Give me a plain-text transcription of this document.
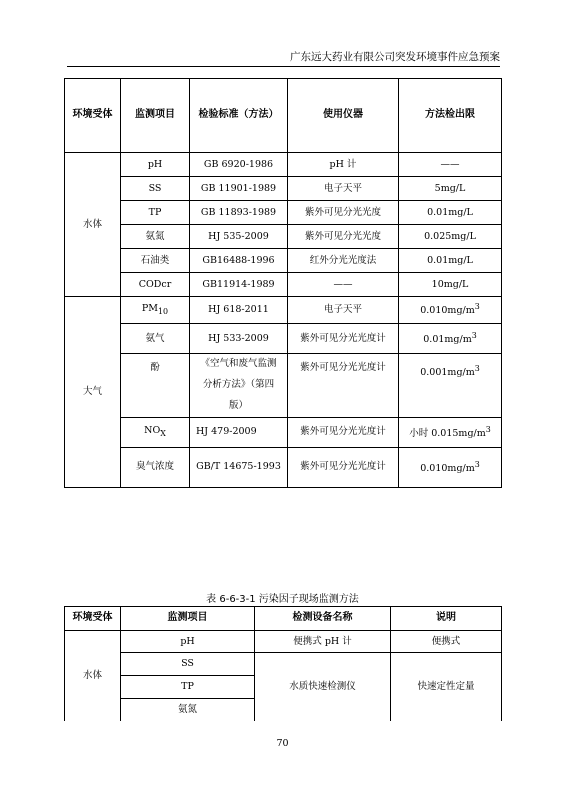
广东远大药业有限公司突发环境事件应急预案
环境受体	监测项目	检验标准（方法）	使用仪器	方法检出限
水体	pH	GB 6920-1986	pH 计	——
	SS	GB 11901-1989	电子天平	5mg/L
	TP	GB 11893-1989	紫外可见分光光度	0.01mg/L
	氨氮	HJ 535-2009	紫外可见分光光度	0.025mg/L
	石油类	GB16488-1996	红外分光光度法	0.01mg/L
	CODcr	GB11914-1989	——	10mg/L
大气	$PM_{10}$	HJ 618-2011	电子天平	$0.010mg/m^3$
	氨气	HJ 533-2009	紫外可见分光光度计	$0.01mg/m^3$
	酚	《空气和废气监测分析方法》（第四版）	紫外可见分光光度计	$0.001mg/m^3$

	$NO_X$	HJ 479-2009	紫外可见分光光度计	小时 $0.015mg/m^3$
	臭气浓度	GB/T 14675-1993	紫外可见分光光度计	$0.010mg/m^3$
表 6-6-3-1 污染因子现场监测方法
环境受体	监测项目	检测设备名称	说明
水体	pH	便携式 pH 计	便携式
	SS	水质快速检测仪	快速定性定量
	TP		
	氨氮		
70
